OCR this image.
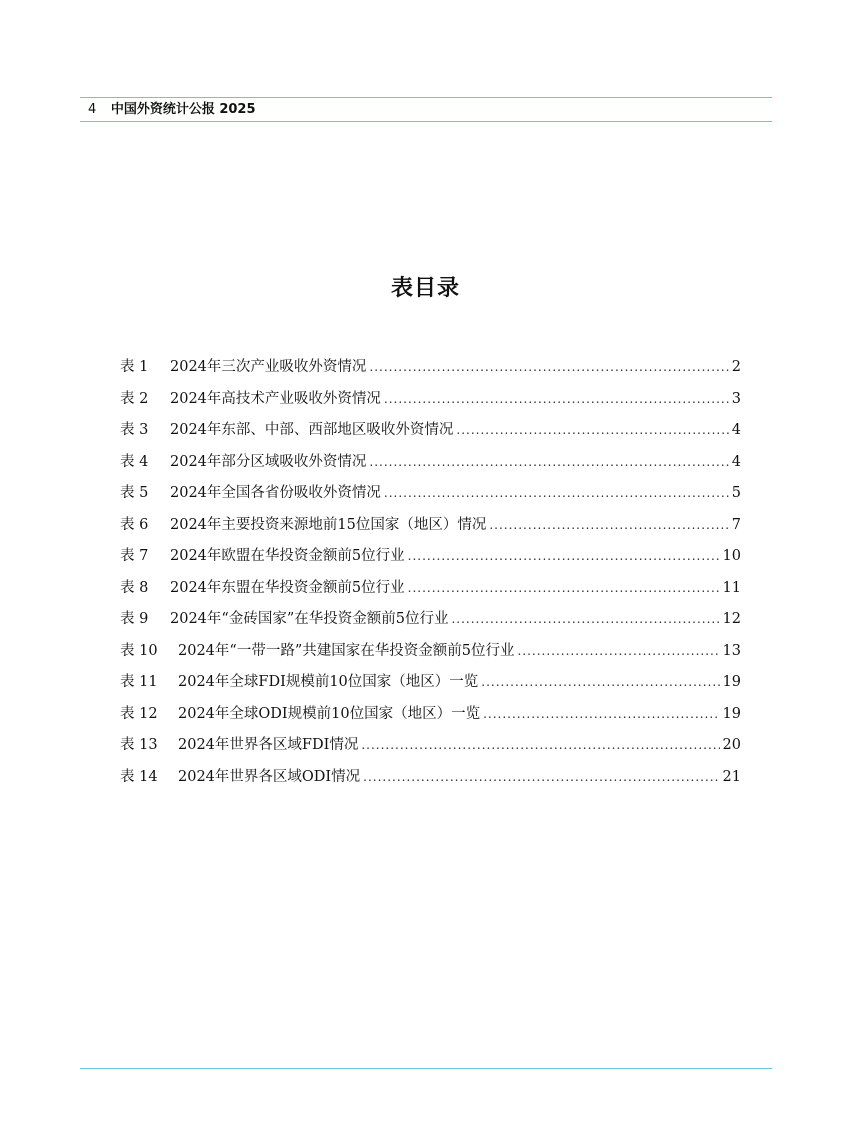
4 中国外资统计公报 2025
表目录
表 1	2024年三次产业吸收外资情况 .....	2
表 2	2024年高技术产业吸收外资情况 .....	3
表 3	2024年东部、中部、西部地区吸收外资情况 .....	4
表 4	2024年部分区域吸收外资情况 .....	4
表 5	2024年全国各省份吸收外资情况 .....	5
表 6	2024年主要投资来源地前15位国家（地区）情况 .....	7
表 7	2024年欧盟在华投资金额前5位行业 .....	10
表 8	2024年东盟在华投资金额前5位行业 .....	11
表 9	2024年“金砖国家”在华投资金额前5位行业 .....	12
表 10	2024年“一带一路”共建国家在华投资金额前5位行业 .....	13
表 11	2024年全球FDI规模前10位国家（地区）一览 .....	19
表 12	2024年全球ODI规模前10位国家（地区）一览 .....	19
表 13	2024年世界各区域FDI情况 .....	20
表 14	2024年世界各区域ODI情况 .....	21
